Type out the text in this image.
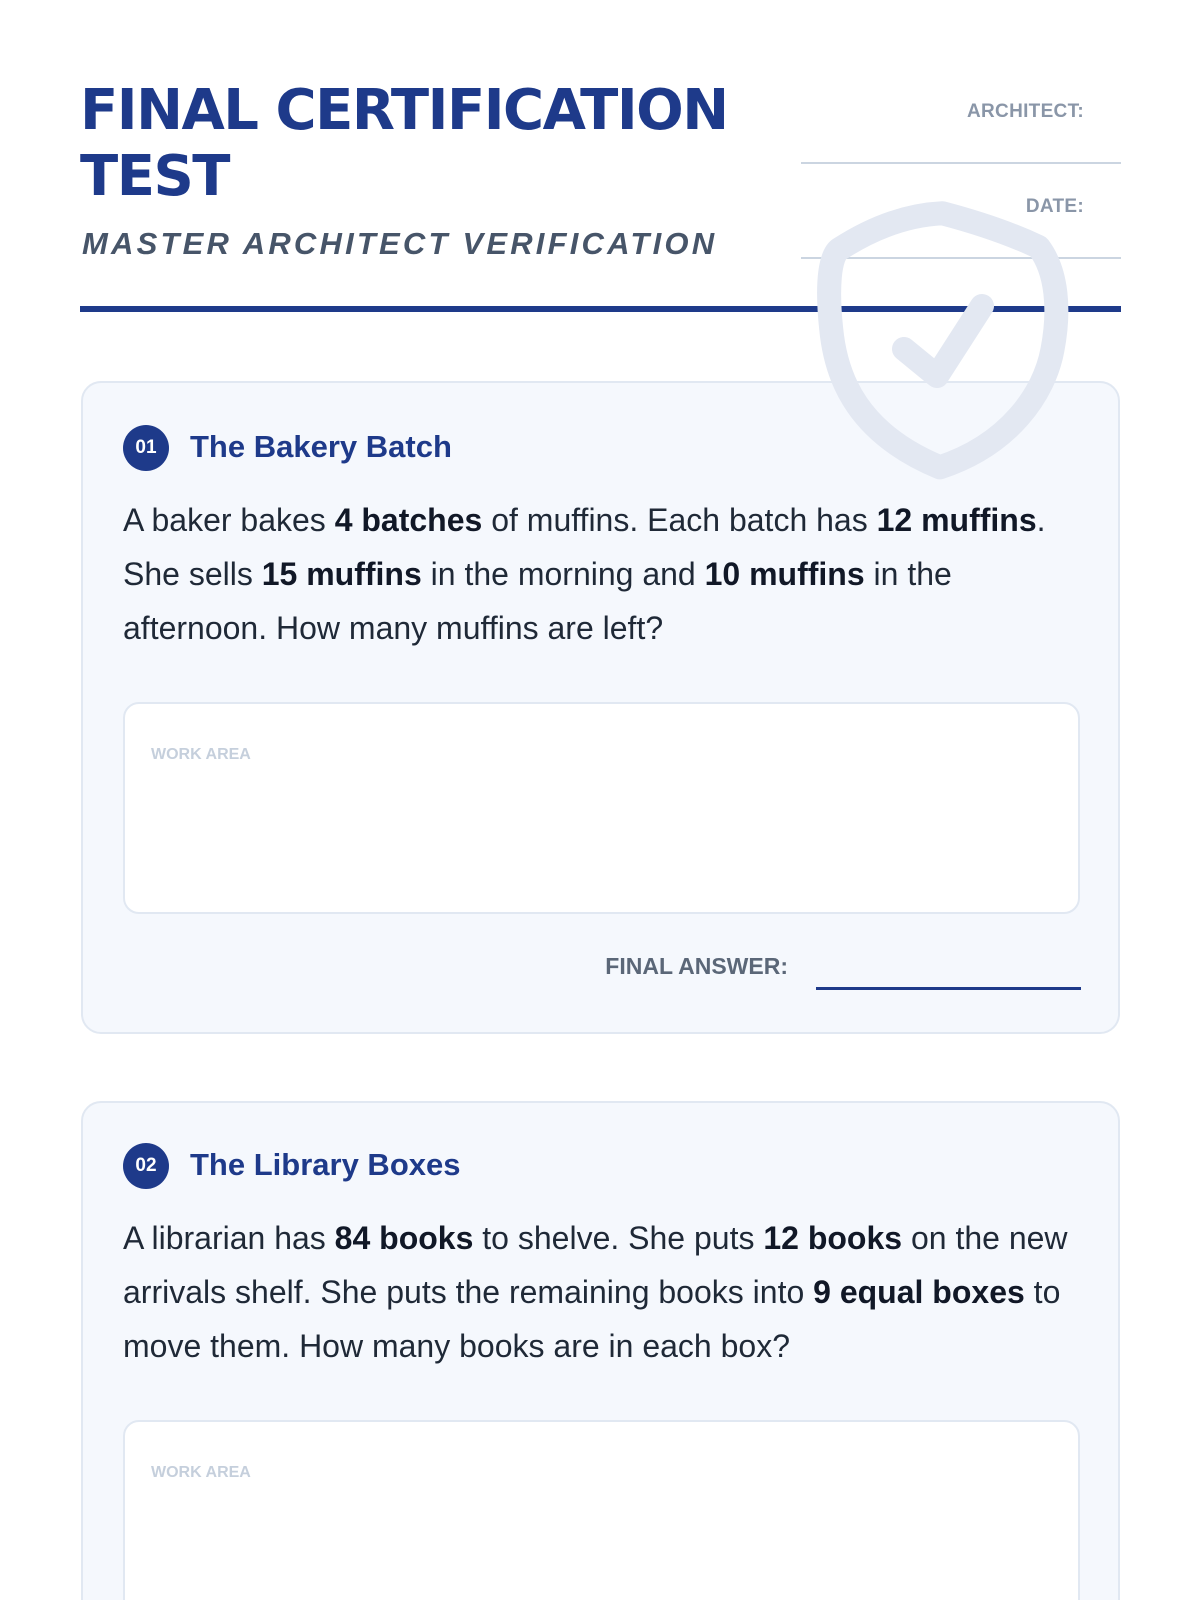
FINAL CERTIFICATION TEST
MASTER ARCHITECT VERIFICATION
ARCHITECT:
DATE:
01	The Bakery Batch

A baker bakes 4 batches of muffins. Each batch has 12 muffins. She sells 15 muffins in the morning and 10 muffins in the afternoon. How many muffins are left?

WORK AREA
FINAL ANSWER:
02	The Library Boxes

A librarian has 84 books to shelve. She puts 12 books on the new arrivals shelf. She puts the remaining books into 9 equal boxes to move them. How many books are in each box?

WORK AREA
